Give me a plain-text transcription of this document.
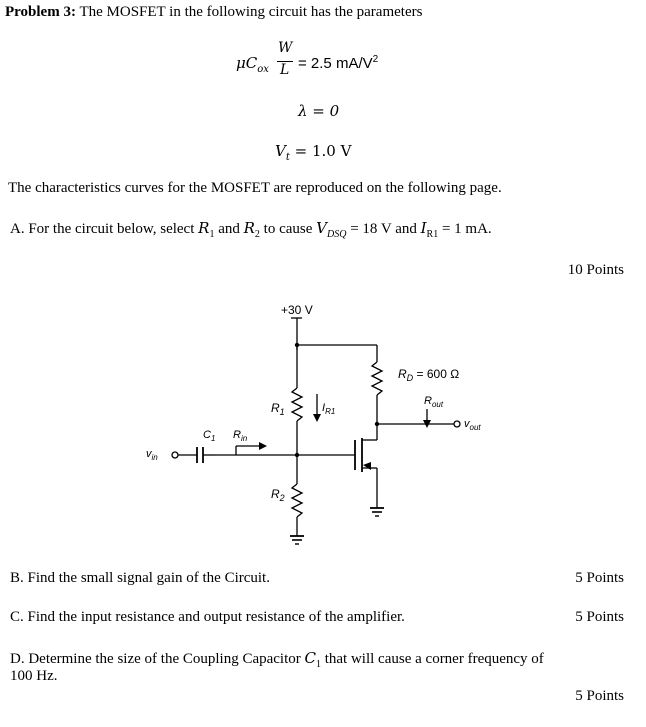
Problem 3: The MOSFET in the following circuit has the parameters
$\mu C_{ox}$
W
L = 2.5 $mA/V^2$
λ = 0
$V_t = 1.0$ V
The characteristics curves for the MOSFET are reproduced on the following page.
A. For the circuit below, select $R_1$ and $R_2$ to cause $V_{DSQ} = 18$ V and $I_{R1} = 1$ mA.
10 Points
+30 V
$R_D = 600$ Ω
$R_1$	$I_{R1}$
$R_{out}$
$v_{out}$
$C_1$ $R_{in}$
$v_{in}$
$R_2$
B. Find the small signal gain of the Circuit.	5 Points
C. Find the input resistance and output resistance of the amplifier.	5 Points
D. Determine the size of the Coupling Capacitor $C_1$ that will cause a corner frequency of
100 Hz.
5 Points
